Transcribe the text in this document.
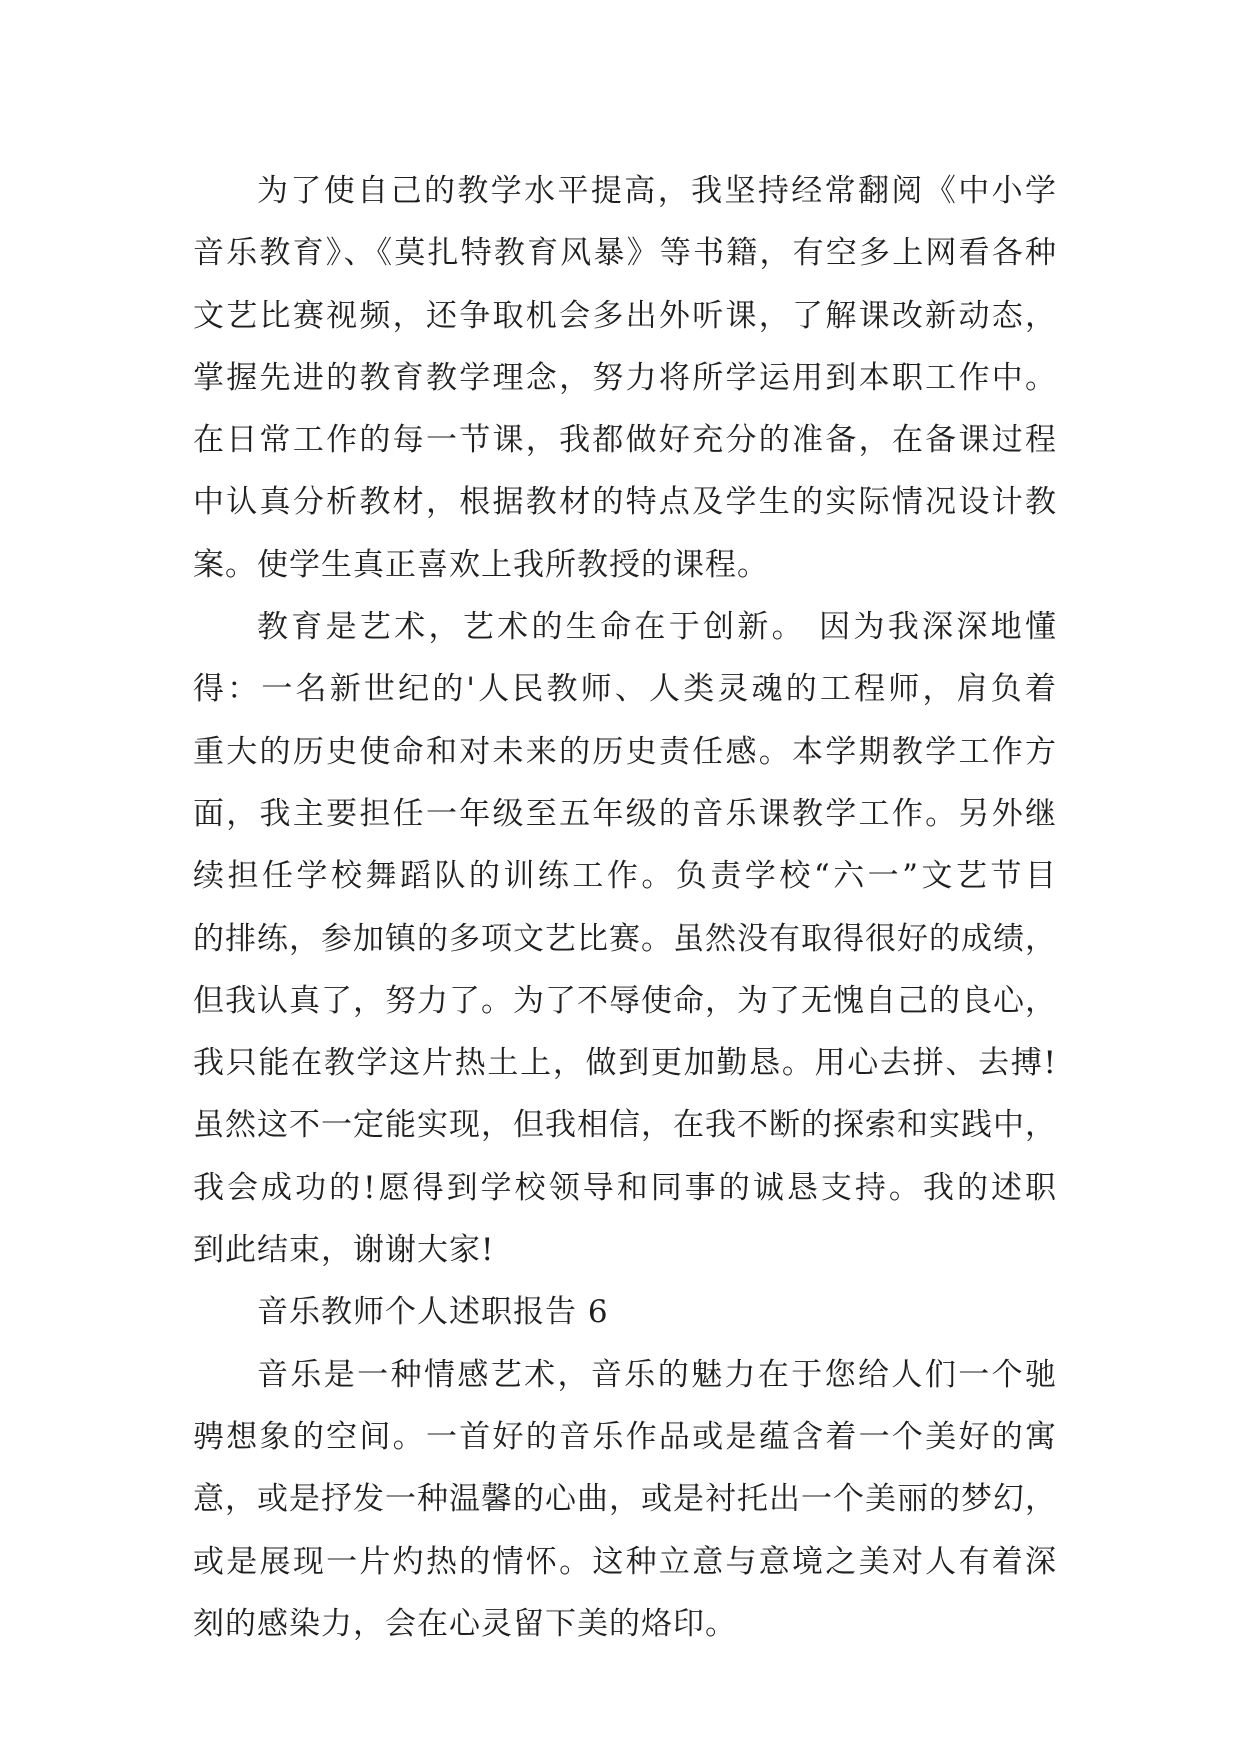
为了使自己的教学水平提高，我坚持经常翻阅《中小学
音乐教育》、《莫扎特教育风暴》等书籍，有空多上网看各种
文艺比赛视频，还争取机会多出外听课，了解课改新动态，
掌握先进的教育教学理念，努力将所学运用到本职工作中。
在日常工作的每一节课，我都做好充分的准备，在备课过程
中认真分析教材，根据教材的特点及学生的实际情况设计教
案。使学生真正喜欢上我所教授的课程。
教育是艺术，艺术的生命在于创新。 因为我深深地懂
得：一名新世纪的'人民教师、人类灵魂的工程师，肩负着
重大的历史使命和对未来的历史责任感。本学期教学工作方
面，我主要担任一年级至五年级的音乐课教学工作。另外继
续担任学校舞蹈队的训练工作。负责学校“六一”文艺节目
的排练，参加镇的多项文艺比赛。虽然没有取得很好的成绩，
但我认真了，努力了。为了不辱使命，为了无愧自己的良心，
我只能在教学这片热土上，做到更加勤恳。用心去拼、去搏!
虽然这不一定能实现，但我相信，在我不断的探索和实践中，
我会成功的!愿得到学校领导和同事的诚恳支持。我的述职
到此结束，谢谢大家!
音乐教师个人述职报告 6
音乐是一种情感艺术，音乐的魅力在于您给人们一个驰
骋想象的空间。一首好的音乐作品或是蕴含着一个美好的寓
意，或是抒发一种温馨的心曲，或是衬托出一个美丽的梦幻，
或是展现一片灼热的情怀。这种立意与意境之美对人有着深
刻的感染力，会在心灵留下美的烙印。
